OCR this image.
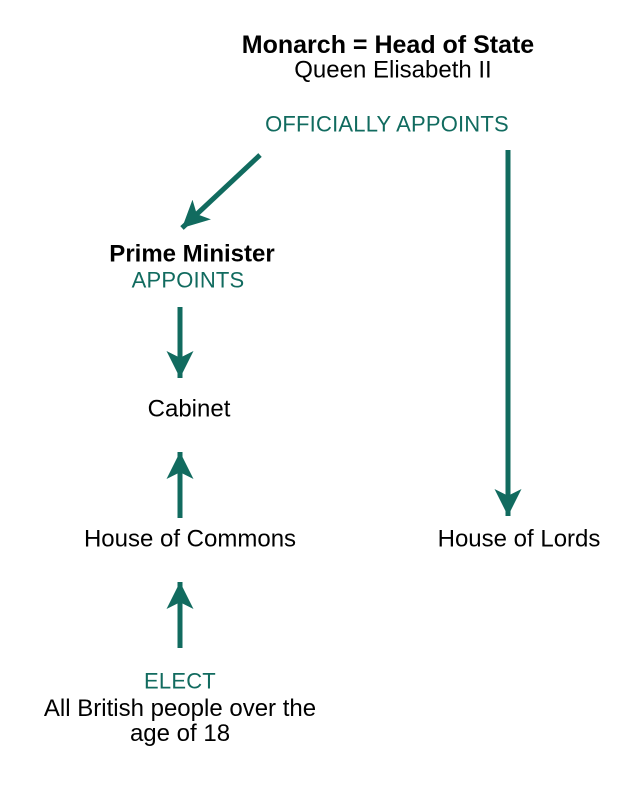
Monarch = Head of State
Queen Elisabeth II
OFFICIALLY APPOINTS
Prime Minister
APPOINTS
Cabinet
House of Commons	House of Lords
ELECT
All British people over the
age of 18
